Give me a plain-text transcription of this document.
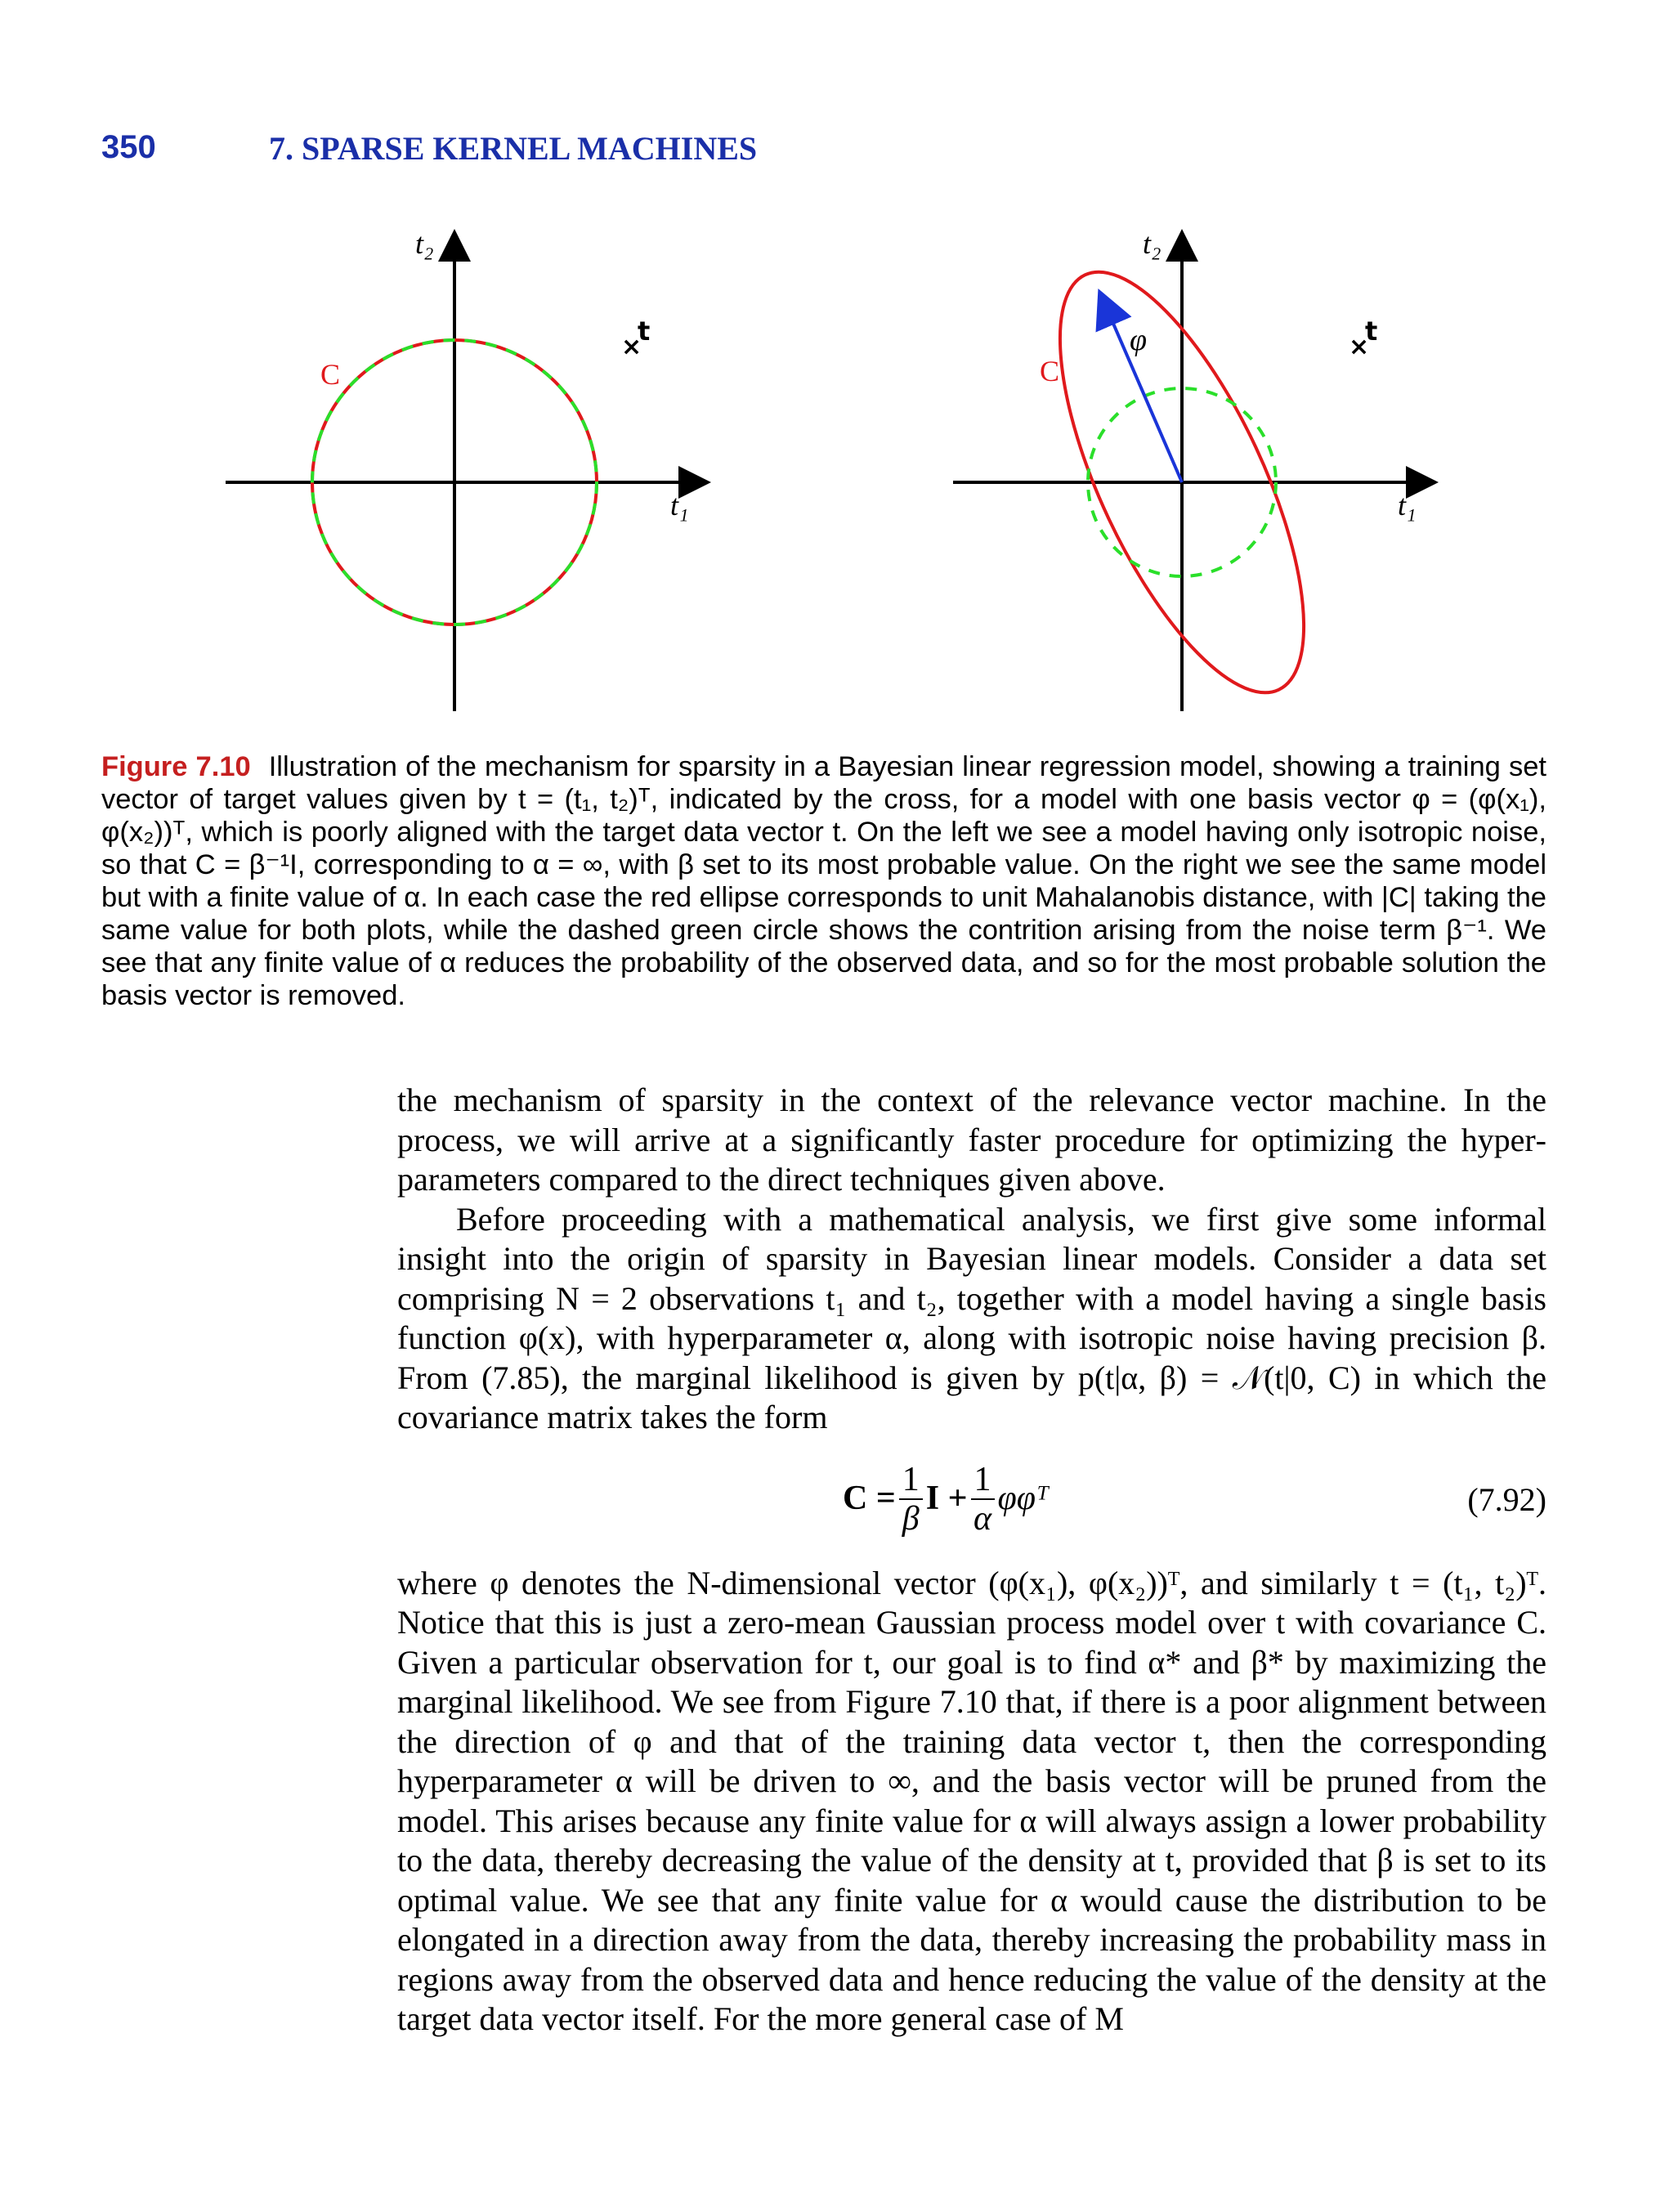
350	7. SPARSE KERNEL MACHINES
t₁
t₂
C
×
t	φ
t₁
t₂
C
×
t
Figure 7.10 Illustration of the mechanism for sparsity in a Bayesian linear regression model, showing a training set vector of target values given by t = (t₁, t₂)ᵀ, indicated by the cross, for a model with one basis vector φ = (φ(x₁), φ(x₂))ᵀ, which is poorly aligned with the target data vector t. On the left we see a model having only isotropic noise, so that C = β⁻¹I, corresponding to α = ∞, with β set to its most probable value. On the right we see the same model but with a finite value of α. In each case the red ellipse corresponds to unit Mahalanobis distance, with |C| taking the same value for both plots, while the dashed green circle shows the contrition arising from the noise term β⁻¹. We see that any finite value of α reduces the probability of the observed data, and so for the most probable solution the basis vector is removed.

the mechanism of sparsity in the context of the relevance vector machine. In the process, we will arrive at a significantly faster procedure for optimizing the hyperparameters compared to the direct techniques given above.

Before proceeding with a mathematical analysis, we first give some informal insight into the origin of sparsity in Bayesian linear models. Consider a data set comprising N = 2 observations t₁ and t₂, together with a model having a single basis function φ(x), with hyperparameter α, along with isotropic noise having precision β. From (7.85), the marginal likelihood is given by p(t|α, β) = 𝒩(t|0, C) in which the covariance matrix takes the form

$C = \frac{1}{\beta}$ $I + \frac{1}{\alpha}$ φφᵀ	(7.92)

where φ denotes the N-dimensional vector (φ(x₁), φ(x₂))ᵀ, and similarly t = (t₁, t₂)ᵀ. Notice that this is just a zero-mean Gaussian process model over t with covariance C. Given a particular observation for t, our goal is to find α* and β* by maximizing the marginal likelihood. We see from Figure 7.10 that, if there is a poor alignment between the direction of φ and that of the training data vector t, then the corresponding hyperparameter α will be driven to ∞, and the basis vector will be pruned from the model. This arises because any finite value for α will always assign a lower probability to the data, thereby decreasing the value of the density at t, provided that β is set to its optimal value. We see that any finite value for α would cause the distribution to be elongated in a direction away from the data, thereby increasing the probability mass in regions away from the observed data and hence reducing the value of the density at the target data vector itself. For the more general case of M
